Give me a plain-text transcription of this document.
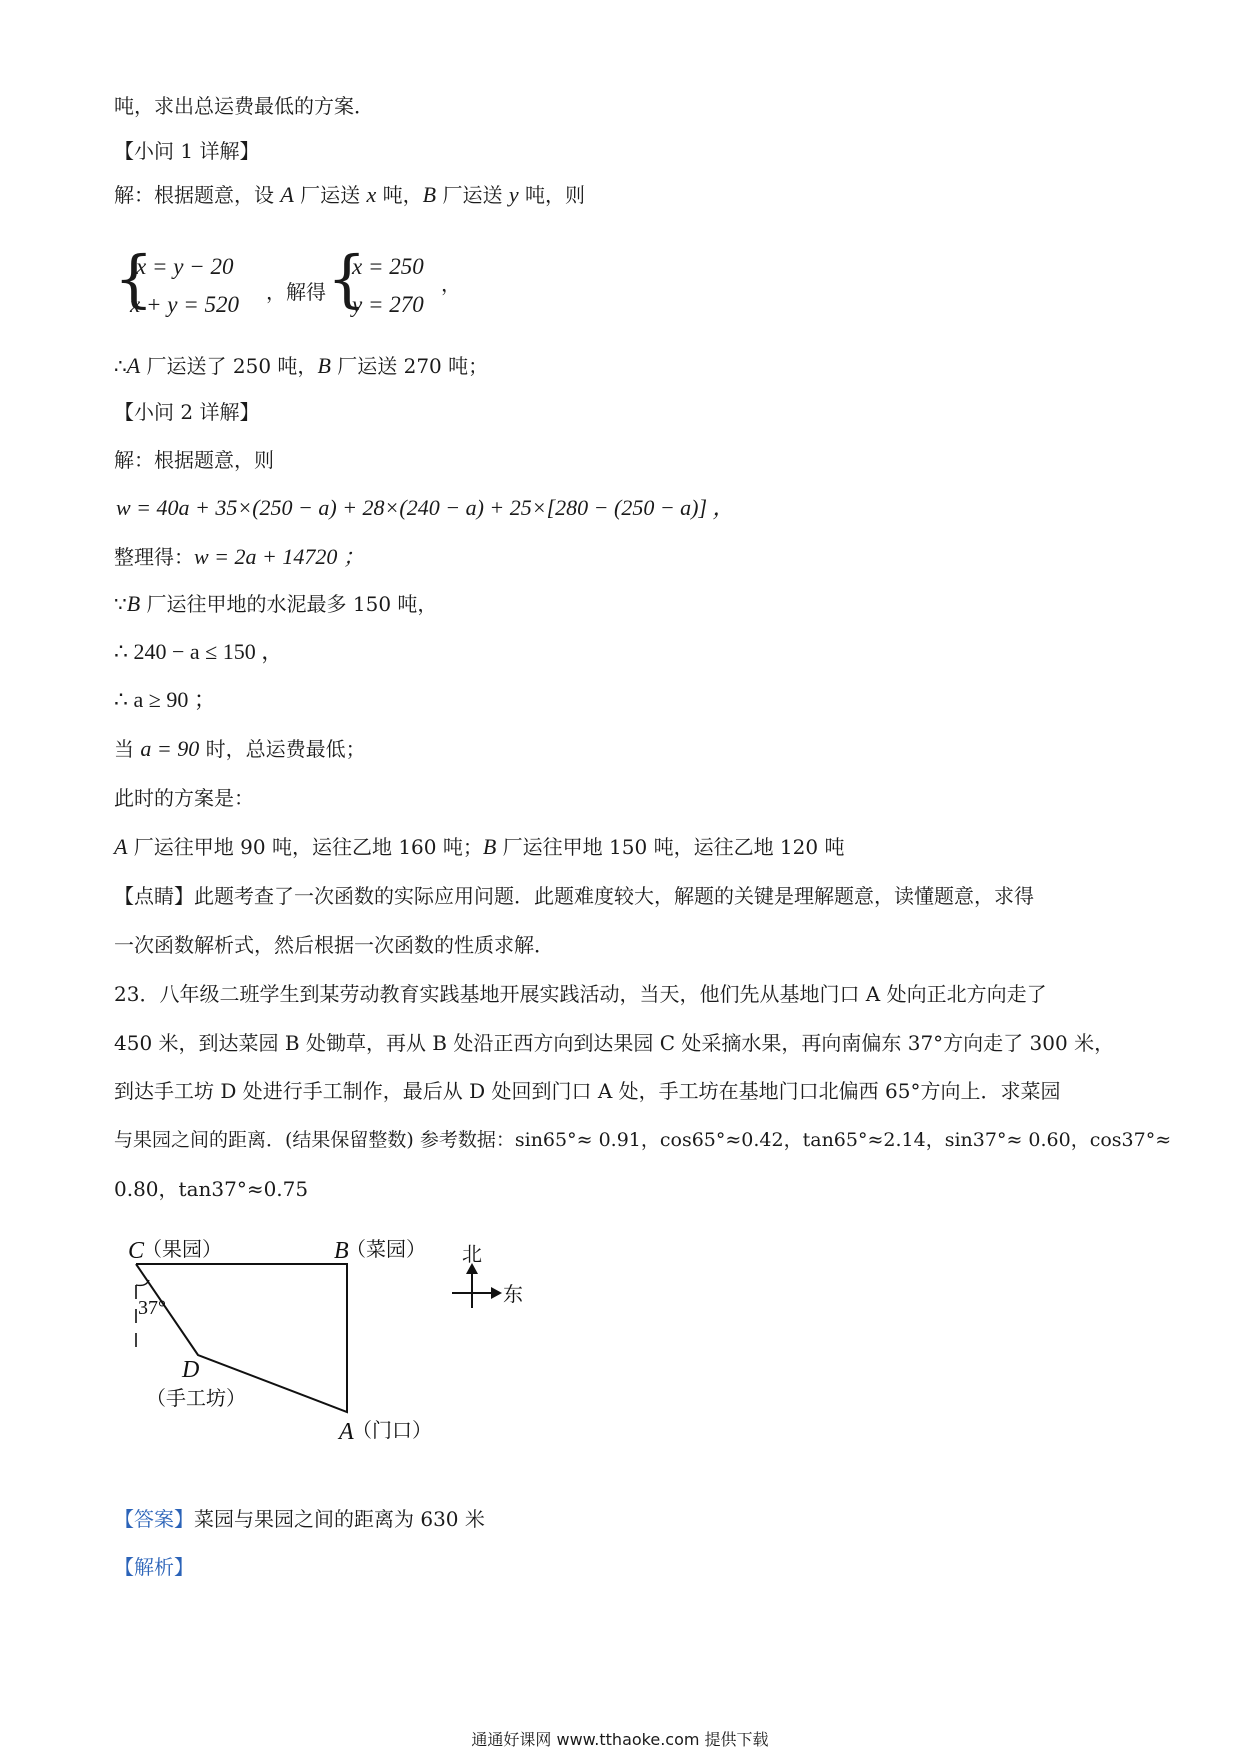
吨，求出总运费最低的方案．
【小问 1 详解】
解：根据题意，设 A 厂运送 x 吨，B 厂运送 y 吨，则
{
x = y − 20
x + y = 520 ，解得 {
x = 250
y = 270
，
∴A 厂运送了 250 吨，B 厂运送 270 吨；
【小问 2 详解】
解：根据题意，则
w = 40a + 35×(250 − a) + 28×(240 − a) + 25×[280 − (250 − a)] ，
整理得：w = 2a + 14720 ；
∵B 厂运往甲地的水泥最多 150 吨，
∴ 240 − a ≤ 150 ，
∴ a ≥ 90 ；
当 a = 90 时，总运费最低；
此时的方案是：
A 厂运往甲地 90 吨，运往乙地 160 吨；B 厂运往甲地 150 吨，运往乙地 120 吨
【点睛】此题考查了一次函数的实际应用问题．此题难度较大，解题的关键是理解题意，读懂题意，求得
一次函数解析式，然后根据一次函数的性质求解．
23．八年级二班学生到某劳动教育实践基地开展实践活动，当天，他们先从基地门口 A 处向正北方向走了
450 米，到达菜园 B 处锄草，再从 B 处沿正西方向到达果园 C 处采摘水果，再向南偏东 37°方向走了 300 米，
到达手工坊 D 处进行手工制作，最后从 D 处回到门口 A 处，手工坊在基地门口北偏西 65°方向上．求菜园
与果园之间的距离．(结果保留整数) 参考数据：sin65°≈ 0.91，cos65°≈0.42，tan65°≈2.14，sin37°≈ 0.60，cos37°≈
0.80，tan37°≈0.75
37°
C
（果园）	B
（菜园）
D
（手工坊）
A
（门口）
北
东
【答案】菜园与果园之间的距离为 630 米
【解析】
通通好课网 www.tthaoke.com 提供下载
